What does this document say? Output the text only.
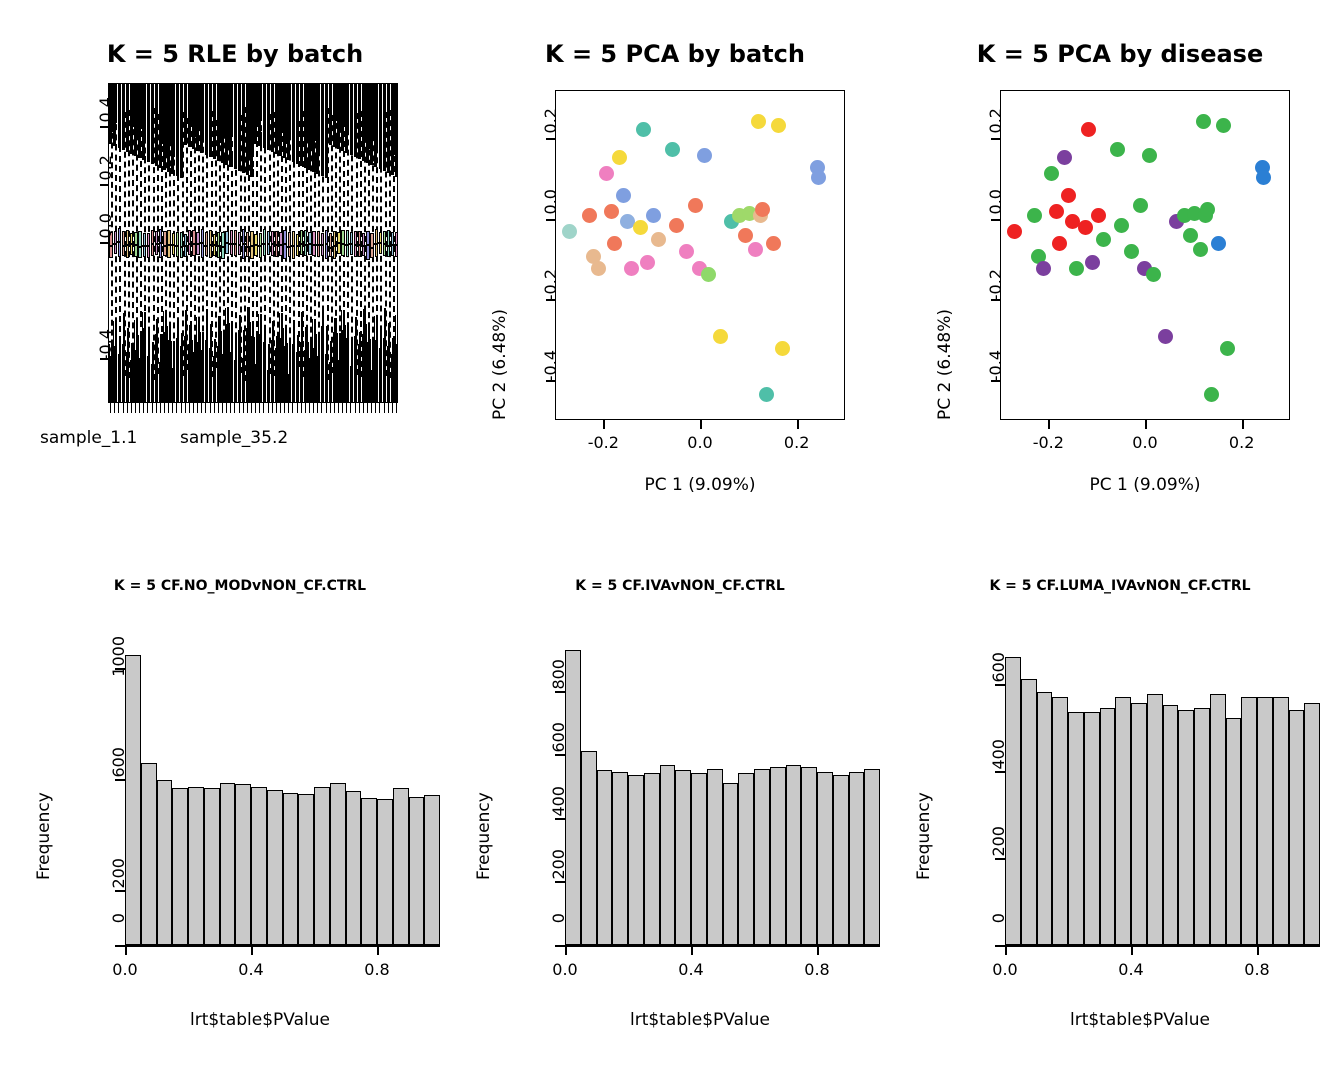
K = 5 RLE by batch
0.4
0.2
0.0
-0.4
sample_1.1	sample_35.2
K = 5 PCA by batch
-0.2	0.0	0.2
-0.4
-0.2
0.0
0.2
PC 1 (9.09%)
PC 2 (6.48%)
K = 5 PCA by disease
-0.2	0.0	0.2
-0.4
-0.2
0.0
0.2
PC 1 (9.09%)
PC 2 (6.48%)
K = 5 CF.NO_MODvNON_CF.CTRL
0
200
600
1000
0.0	0.4	0.8
lrt$table$PValue
Frequency
K = 5 CF.IVAvNON_CF.CTRL
0
200
400
600
800
0.0	0.4	0.8
lrt$table$PValue
Frequency
K = 5 CF.LUMA_IVAvNON_CF.CTRL
0
200
400
600
0.0	0.4	0.8
lrt$table$PValue
Frequency
